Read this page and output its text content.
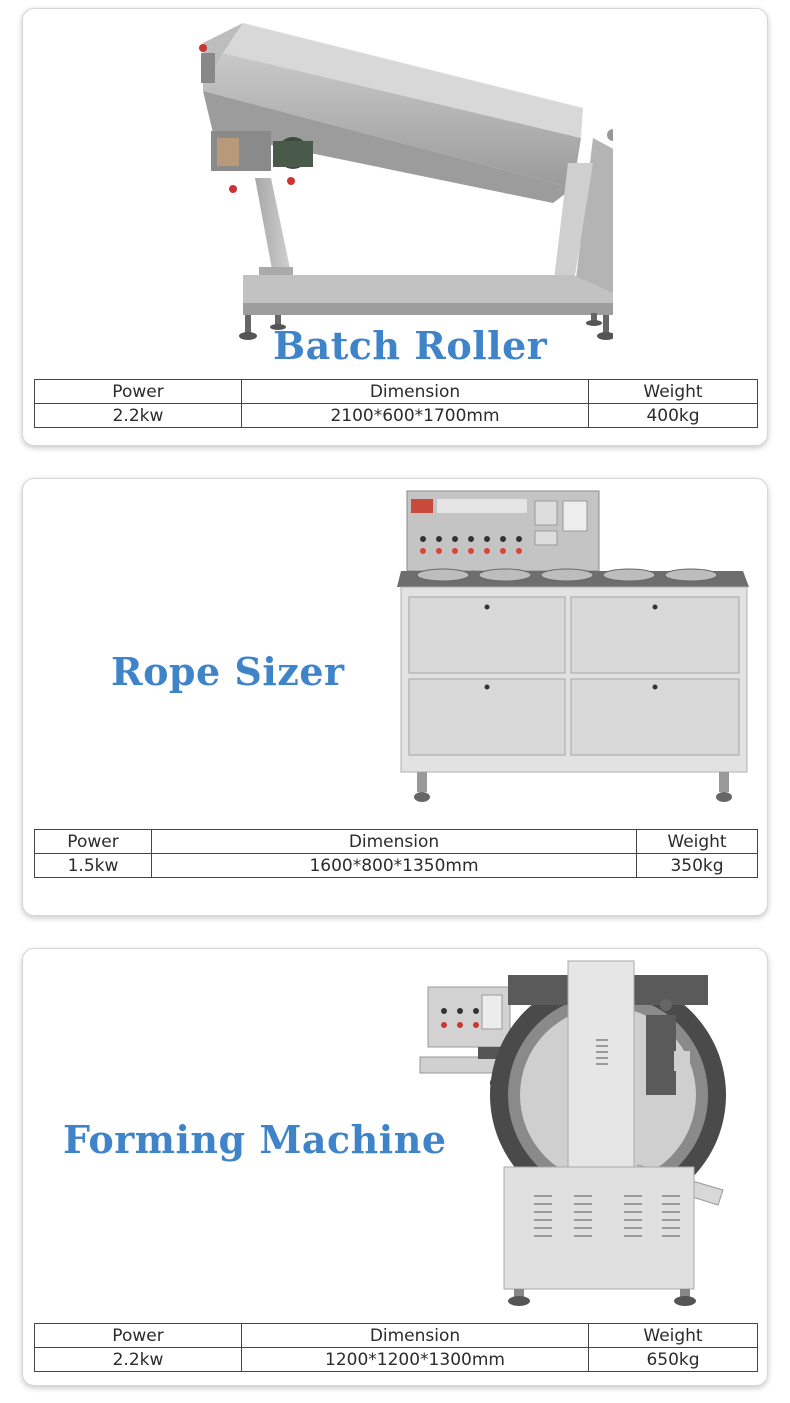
Batch Roller
Power	Dimension	Weight
2.2kw	2100*600*1700mm	400kg
Rope Sizer
Power	Dimension	Weight
1.5kw	1600*800*1350mm	350kg
Forming Machine
Power	Dimension	Weight
2.2kw	1200*1200*1300mm	650kg
